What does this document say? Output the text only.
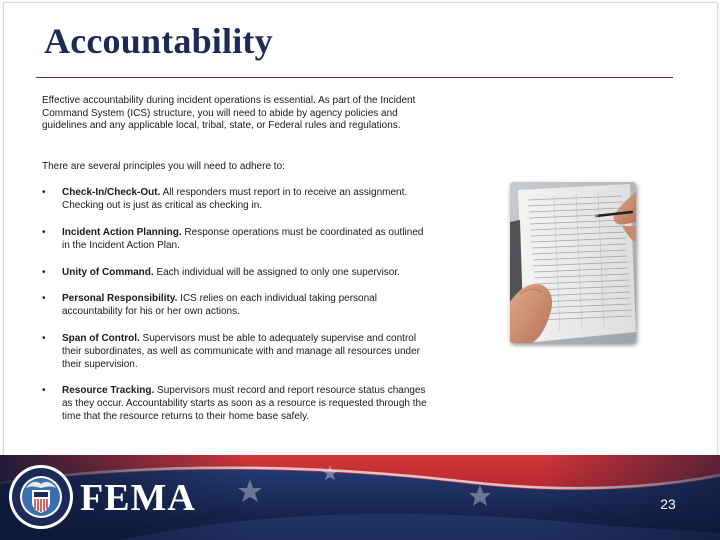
Accountability

Effective accountability during incident operations is essential. As part of the Incident Command System (ICS) structure, you will need to abide by agency policies and guidelines and any applicable local, tribal, state, or Federal rules and regulations.

There are several principles you will need to adhere to:

•	Check-In/Check-Out. All responders must report in to receive an assignment. Checking out is just as critical as checking in.
•	Incident Action Planning. Response operations must be coordinated as outlined in the Incident Action Plan.
•	Unity of Command. Each individual will be assigned to only one supervisor.
•	Personal Responsibility. ICS relies on each individual taking personal accountability for his or her own actions.
•	Span of Control. Supervisors must be able to adequately supervise and control their subordinates, as well as communicate with and manage all resources under their supervision.
•	Resource Tracking. Supervisors must record and report resource status changes as they occur. Accountability starts as soon as a resource is requested through the time that the resource returns to their home base safely.
FEMA	23
